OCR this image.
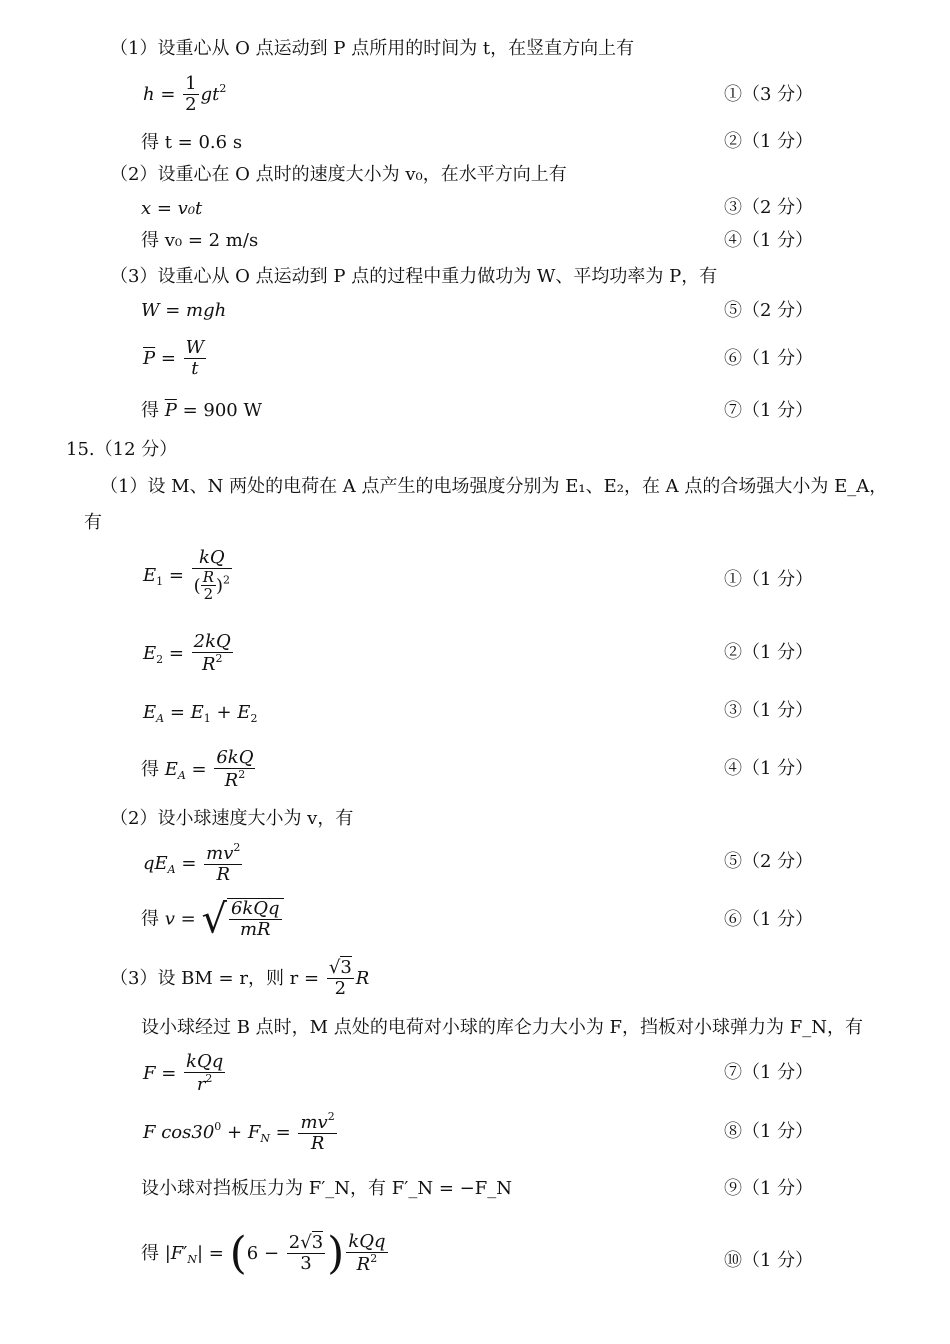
（1）设重心从 O 点运动到 P 点所用的时间为 t，在竖直方向上有
$h = \frac{1}{2} gt^2$	①（3 分）
得 t = 0.6 s	②（1 分）
（2）设重心在 O 点时的速度大小为 v₀，在水平方向上有
x = v₀t	③（2 分）
得 v₀ = 2 m/s	④（1 分）
（3）设重心从 O 点运动到 P 点的过程中重力做功为 W、平均功率为 P，有
W = mgh	⑤（2 分）
$\overline{P} = \frac{W}{t}$	⑥（1 分）
得 $\overline{P} = 900$ W	⑦（1 分）
15.（12 分）
（1）设 M、N 两处的电荷在 A 点产生的电场强度分别为 E₁、E₂，在 A 点的合场强大小为 E_A，
有
$E_1 = \frac{kQ}{( \frac{R}{2} )^2}$	①（1 分）
$E_2 = \frac{2kQ}{R^2}$	②（1 分）
$E_A = E_1 + E_2$	③（1 分）
得 $E_A = \frac{6kQ}{R^2}$	④（1 分）
（2）设小球速度大小为 v，有
$qE_A = \frac{mv^2}{R}$	⑤（2 分）
得 v = √ $\frac{\text{6kQq}}{mR}$	⑥（1 分）
（3）设 BM = r，则 $r = \frac{√3}{2}$ R
设小球经过 B 点时，M 点处的电荷对小球的库仑力大小为 F，挡板对小球弹力为 F_N，有
$F = \frac{\text{kQq}}{r^2}$	⑦（1 分）
F $\cos 30^0 + F_N = \frac{mv^2}{R}$	⑧（1 分）
设小球对挡板压力为 F′_N，有 F′_N = −F_N	⑨（1 分）
得 $|F'_N| = (6 - \frac{2√3}{3}$ ) $\frac{\text{kQq}}{R^2}$	⑩（1 分）
